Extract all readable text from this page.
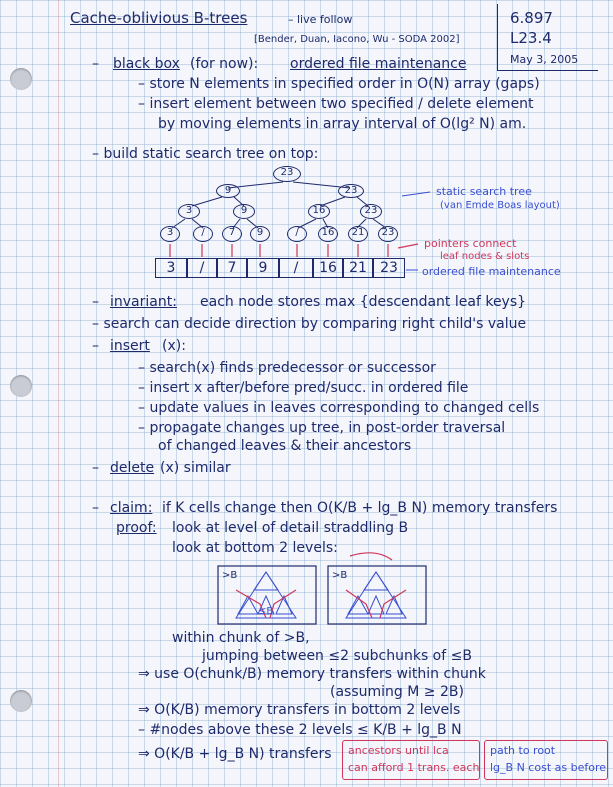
Cache-oblivious B-trees	– live follow
[Bender, Duan, Iacono, Wu - SODA 2002]
6.897
L23.4
May 3, 2005
– black box (for now): ordered file maintenance
– store N elements in specified order in O(N) array (gaps)
– insert element between two specified / delete element
by moving elements in array interval of O(lg² N) am.
– build static search tree on top:
23
9	23
3	9	16	23
3	/	7	9	/	16	21	23
3	/	7	9	/	16 21 23
static search tree
(van Emde Boas layout)
pointers connect
leaf nodes & slots
ordered file maintenance
– invariant: each node stores max {descendant leaf keys}
– search can decide direction by comparing right child's value
– insert (x):
– search(x) finds predecessor or successor
– insert x after/before pred/succ. in ordered file
– update values in leaves corresponding to changed cells
– propagate changes up tree, in post-order traversal
of changed leaves & their ancestors
– delete (x) similar
– claim: if K cells change then O(K/B + lg_B N) memory transfers
proof: look at level of detail straddling B
look at bottom 2 levels:
>B	>B
≤B
within chunk of >B,
jumping between ≤2 subchunks of ≤B
⇒ use O(chunk/B) memory transfers within chunk
(assuming M ≥ 2B)
⇒ O(K/B) memory transfers in bottom 2 levels
– #nodes above these 2 levels ≤ K/B + lg_B N
⇒ O(K/B + lg_B N) transfers ancestors until lca
can afford 1 trans. each
path to root
lg_B N cost as before
